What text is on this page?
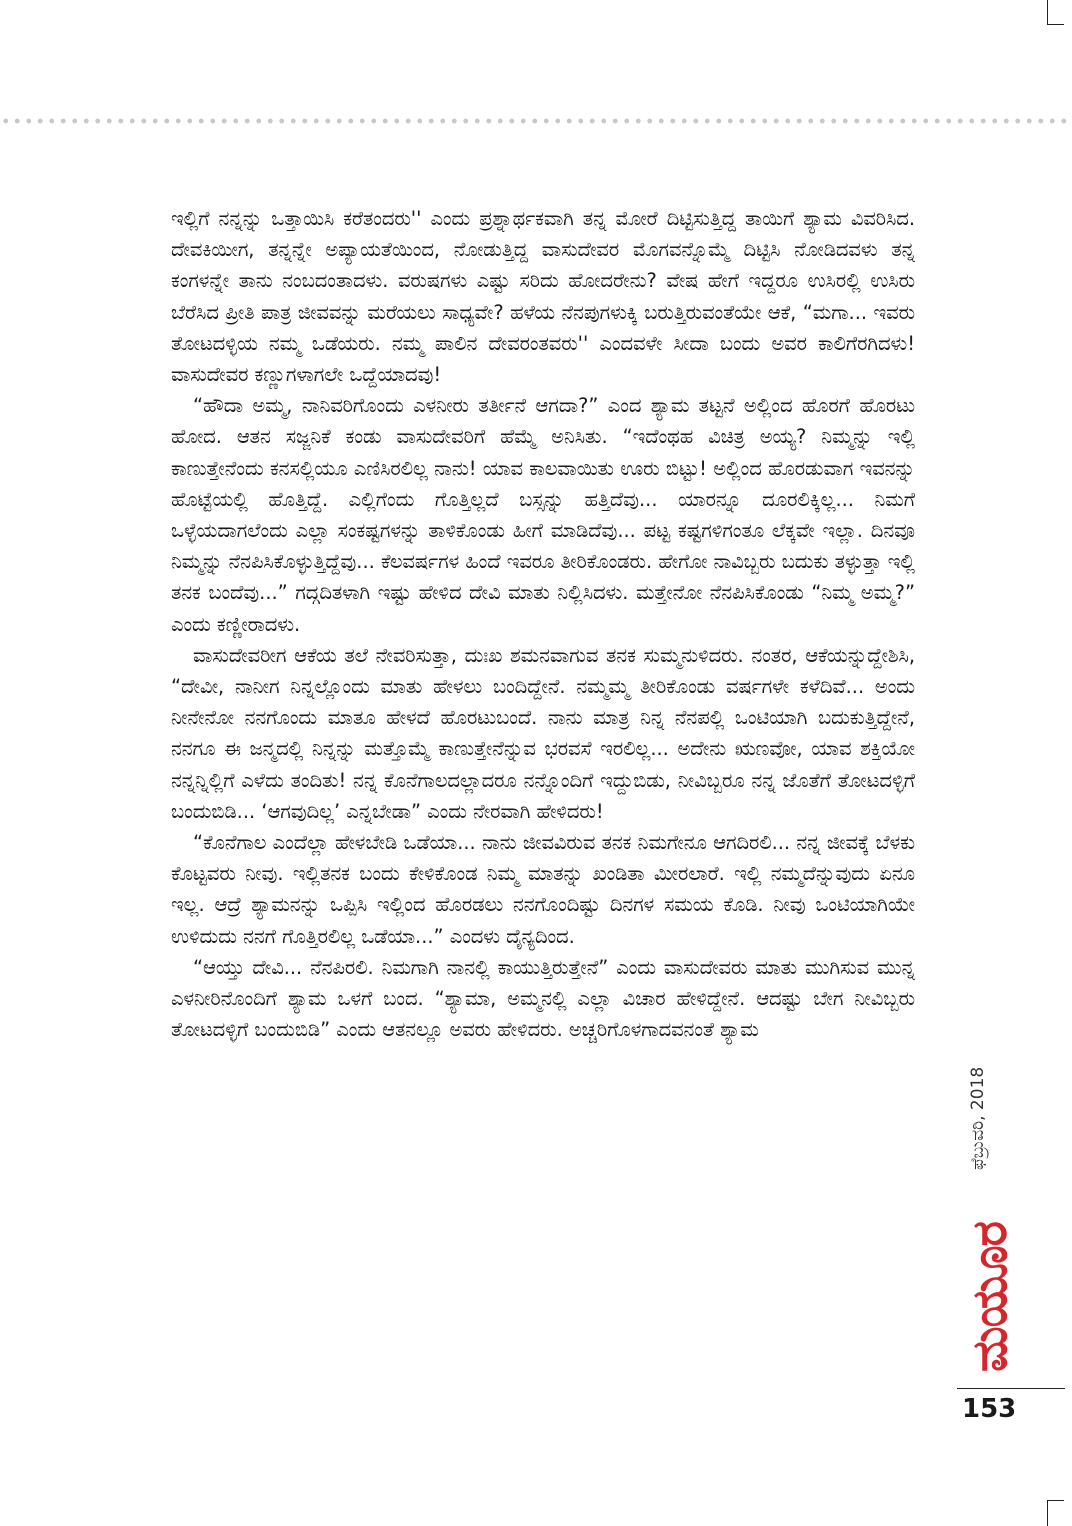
ಇಲ್ಲಿಗೆ ನನ್ನನ್ನು ಒತ್ತಾಯಿಸಿ ಕರೆತಂದರು'' ಎಂದು ಪ್ರಶ್ನಾರ್ಥಕವಾಗಿ ತನ್ನ ಮೋರೆ ದಿಟ್ಟಿಸುತ್ತಿದ್ದ ತಾಯಿಗೆ ಶ್ಯಾಮ ವಿವರಿಸಿದ. ದೇವಕಿಯೀಗ, ತನ್ನನ್ನೇ ಅಪ್ಯಾಯತೆಯಿಂದ, ನೋಡುತ್ತಿದ್ದ ವಾಸುದೇವರ ಮೊಗವನ್ನೊಮ್ಮೆ ದಿಟ್ಟಿಸಿ ನೋಡಿದವಳು ತನ್ನ ಕಂಗಳನ್ನೇ ತಾನು ನಂಬದಂತಾದಳು. ವರುಷಗಳು ಎಷ್ಟು ಸರಿದು ಹೋದರೇನು? ವೇಷ ಹೇಗೆ ಇದ್ದರೂ ಉಸಿರಲ್ಲಿ ಉಸಿರು ಬೆರೆಸಿದ ಪ್ರೀತಿ ಪಾತ್ರ ಜೀವವನ್ನು ಮರೆಯಲು ಸಾಧ್ಯವೇ? ಹಳೆಯ ನೆನಪುಗಳುಕ್ಕಿ ಬರುತ್ತಿರುವಂತೆಯೇ ಆಕೆ, “ಮಗಾ... ಇವರು ತೋಟದಳ್ಳಿಯ ನಮ್ಮ ಒಡೆಯರು. ನಮ್ಮ ಪಾಲಿನ ದೇವರಂತವರು'' ಎಂದವಳೇ ಸೀದಾ ಬಂದು ಅವರ ಕಾಲಿಗೆರಗಿದಳು! ವಾಸುದೇವರ ಕಣ್ಣುಗಳಾಗಲೇ ಒದ್ದೆಯಾದವು!

“ಹೌದಾ ಅಮ್ಮ, ನಾನಿವರಿಗೊಂದು ಎಳನೀರು ತರ್ತೀನೆ ಆಗದಾ?” ಎಂದ ಶ್ಯಾಮ ತಟ್ಟನೆ ಅಲ್ಲಿಂದ ಹೊರಗೆ ಹೊರಟು ಹೋದ. ಆತನ ಸಜ್ಜನಿಕೆ ಕಂಡು ವಾಸುದೇವರಿಗೆ ಹೆಮ್ಮೆ ಅನಿಸಿತು. “ಇದೆಂಥಹ ವಿಚಿತ್ರ ಅಯ್ಯ? ನಿಮ್ಮನ್ನು ಇಲ್ಲಿ ಕಾಣುತ್ತೇನೆಂದು ಕನಸಲ್ಲಿಯೂ ಎಣಿಸಿರಲಿಲ್ಲ ನಾನು! ಯಾವ ಕಾಲವಾಯಿತು ಊರು ಬಿಟ್ಟು! ಅಲ್ಲಿಂದ ಹೊರಡುವಾಗ ಇವನನ್ನು ಹೊಟ್ಟೆಯಲ್ಲಿ ಹೊತ್ತಿದ್ದೆ. ಎಲ್ಲಿಗೆಂದು ಗೊತ್ತಿಲ್ಲದೆ ಬಸ್ಸನ್ನು ಹತ್ತಿದೆವು... ಯಾರನ್ನೂ ದೂರಲಿಕ್ಕಿಲ್ಲ... ನಿಮಗೆ ಒಳ್ಳೆಯದಾಗಲೆಂದು ಎಲ್ಲಾ ಸಂಕಷ್ಟಗಳನ್ನು ತಾಳಿಕೊಂಡು ಹೀಗೆ ಮಾಡಿದೆವು... ಪಟ್ಟ ಕಷ್ಟಗಳಿಗಂತೂ ಲೆಕ್ಕವೇ ಇಲ್ಲಾ. ದಿನವೂ ನಿಮ್ಮನ್ನು ನೆನಪಿಸಿಕೊಳ್ಳುತ್ತಿದ್ದೆವು... ಕೆಲವರ್ಷಗಳ ಹಿಂದೆ ಇವರೂ ತೀರಿಕೊಂಡರು. ಹೇಗೋ ನಾವಿಬ್ಬರು ಬದುಕು ತಳ್ಳುತ್ತಾ ಇಲ್ಲಿ ತನಕ ಬಂದೆವು...” ಗದ್ಗದಿತಳಾಗಿ ಇಷ್ಟು ಹೇಳಿದ ದೇವಿ ಮಾತು ನಿಲ್ಲಿಸಿದಳು. ಮತ್ತೇನೋ ನೆನಪಿಸಿಕೊಂಡು “ನಿಮ್ಮ ಅಮ್ಮ?” ಎಂದು ಕಣ್ಣೀರಾದಳು.

ವಾಸುದೇವರೀಗ ಆಕೆಯ ತಲೆ ನೇವರಿಸುತ್ತಾ, ದುಃಖ ಶಮನವಾಗುವ ತನಕ ಸುಮ್ಮನುಳಿದರು. ನಂತರ, ಆಕೆಯನ್ನುದ್ದೇಶಿಸಿ, “ದೇವೀ, ನಾನೀಗ ನಿನ್ನಲ್ಲೊಂದು ಮಾತು ಹೇಳಲು ಬಂದಿದ್ದೇನೆ. ನಮ್ಮಮ್ಮ ತೀರಿಕೊಂಡು ವರ್ಷಗಳೇ ಕಳೆದಿವೆ... ಅಂದು ನೀನೇನೋ ನನಗೊಂದು ಮಾತೂ ಹೇಳದೆ ಹೊರಟುಬಂದೆ. ನಾನು ಮಾತ್ರ ನಿನ್ನ ನೆನಪಲ್ಲಿ ಒಂಟಿಯಾಗಿ ಬದುಕುತ್ತಿದ್ದೇನೆ, ನನಗೂ ಈ ಜನ್ಮದಲ್ಲಿ ನಿನ್ನನ್ನು ಮತ್ತೊಮ್ಮೆ ಕಾಣುತ್ತೇನೆನ್ನುವ ಭರವಸೆ ಇರಲಿಲ್ಲ... ಅದೇನು ಋಣವೋ, ಯಾವ ಶಕ್ತಿಯೋ ನನ್ನನ್ನಿಲ್ಲಿಗೆ ಎಳೆದು ತಂದಿತು! ನನ್ನ ಕೊನೆಗಾಲದಲ್ಲಾದರೂ ನನ್ನೊಂದಿಗೆ ಇದ್ದುಬಿಡು, ನೀವಿಬ್ಬರೂ ನನ್ನ ಜೊತೆಗೆ ತೋಟದಳ್ಳಿಗೆ ಬಂದುಬಿಡಿ... ‘ಆಗವುದಿಲ್ಲ’ ಎನ್ನಬೇಡಾ” ಎಂದು ನೇರವಾಗಿ ಹೇಳಿದರು!

“ಕೊನೆಗಾಲ ಎಂದೆಲ್ಲಾ ಹೇಳಬೇಡಿ ಒಡೆಯಾ... ನಾನು ಜೀವವಿರುವ ತನಕ ನಿಮಗೇನೂ ಆಗದಿರಲಿ... ನನ್ನ ಜೀವಕ್ಕೆ ಬೆಳಕು ಕೊಟ್ಟವರು ನೀವು. ಇಲ್ಲಿತನಕ ಬಂದು ಕೇಳಿಕೊಂಡ ನಿಮ್ಮ ಮಾತನ್ನು ಖಂಡಿತಾ ಮೀರಲಾರೆ. ಇಲ್ಲಿ ನಮ್ಮದೆನ್ನುವುದು ಏನೂ ಇಲ್ಲ. ಆದ್ರೆ ಶ್ಯಾಮನನ್ನು ಒಪ್ಪಿಸಿ ಇಲ್ಲಿಂದ ಹೊರಡಲು ನನಗೊಂದಿಷ್ಟು ದಿನಗಳ ಸಮಯ ಕೊಡಿ. ನೀವು ಒಂಟಿಯಾಗಿಯೇ ಉಳಿದುದು ನನಗೆ ಗೊತ್ತಿರಲಿಲ್ಲ ಒಡೆಯಾ...” ಎಂದಳು ದೈನ್ಯದಿಂದ.

“ಆಯ್ತು ದೇವಿ... ನೆನಪಿರಲಿ. ನಿಮಗಾಗಿ ನಾನಲ್ಲಿ ಕಾಯುತ್ತಿರುತ್ತೇನೆ” ಎಂದು ವಾಸುದೇವರು ಮಾತು ಮುಗಿಸುವ ಮುನ್ನ ಎಳನೀರಿನೊಂದಿಗೆ ಶ್ಯಾಮ ಒಳಗೆ ಬಂದ. “ಶ್ಯಾಮಾ, ಅಮ್ಮನಲ್ಲಿ ಎಲ್ಲಾ ವಿಚಾರ ಹೇಳಿದ್ದೇನೆ. ಆದಷ್ಟು ಬೇಗ ನೀವಿಬ್ಬರು ತೋಟದಳ್ಳಿಗೆ ಬಂದುಬಿಡಿ” ಎಂದು ಆತನಲ್ಲೂ ಅವರು ಹೇಳಿದರು. ಅಚ್ಚರಿಗೊಳಗಾದವನಂತೆ ಶ್ಯಾಮ

ಫೆಬ್ರುವರಿ, 2018
ಮಯೂರ
153
